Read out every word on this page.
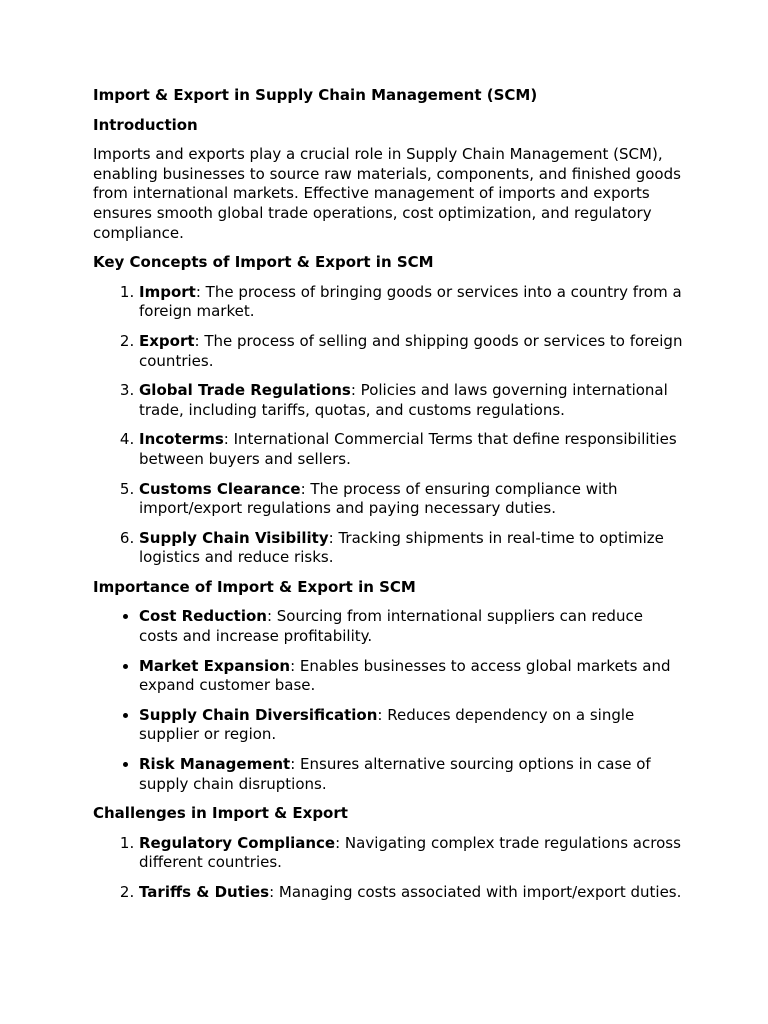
Import & Export in Supply Chain Management (SCM)
Introduction

Imports and exports play a crucial role in Supply Chain Management (SCM), enabling businesses to source raw materials, components, and finished goods from international markets. Effective management of imports and exports ensures smooth global trade operations, cost optimization, and regulatory compliance.

Key Concepts of Import & Export in SCM
1. Import: The process of bringing goods or services into a country from a foreign market.
2. Export: The process of selling and shipping goods or services to foreign countries.
3. Global Trade Regulations: Policies and laws governing international trade, including tariffs, quotas, and customs regulations.
4. Incoterms: International Commercial Terms that define responsibilities between buyers and sellers.
5. Customs Clearance: The process of ensuring compliance with import/export regulations and paying necessary duties.
6. Supply Chain Visibility: Tracking shipments in real-time to optimize logistics and reduce risks.
Importance of Import & Export in SCM
• Cost Reduction: Sourcing from international suppliers can reduce costs and increase profitability.
• Market Expansion: Enables businesses to access global markets and expand customer base.
• Supply Chain Diversification: Reduces dependency on a single supplier or region.
• Risk Management: Ensures alternative sourcing options in case of supply chain disruptions.
Challenges in Import & Export
1. Regulatory Compliance: Navigating complex trade regulations across different countries.
2. Tariffs & Duties: Managing costs associated with import/export duties.
